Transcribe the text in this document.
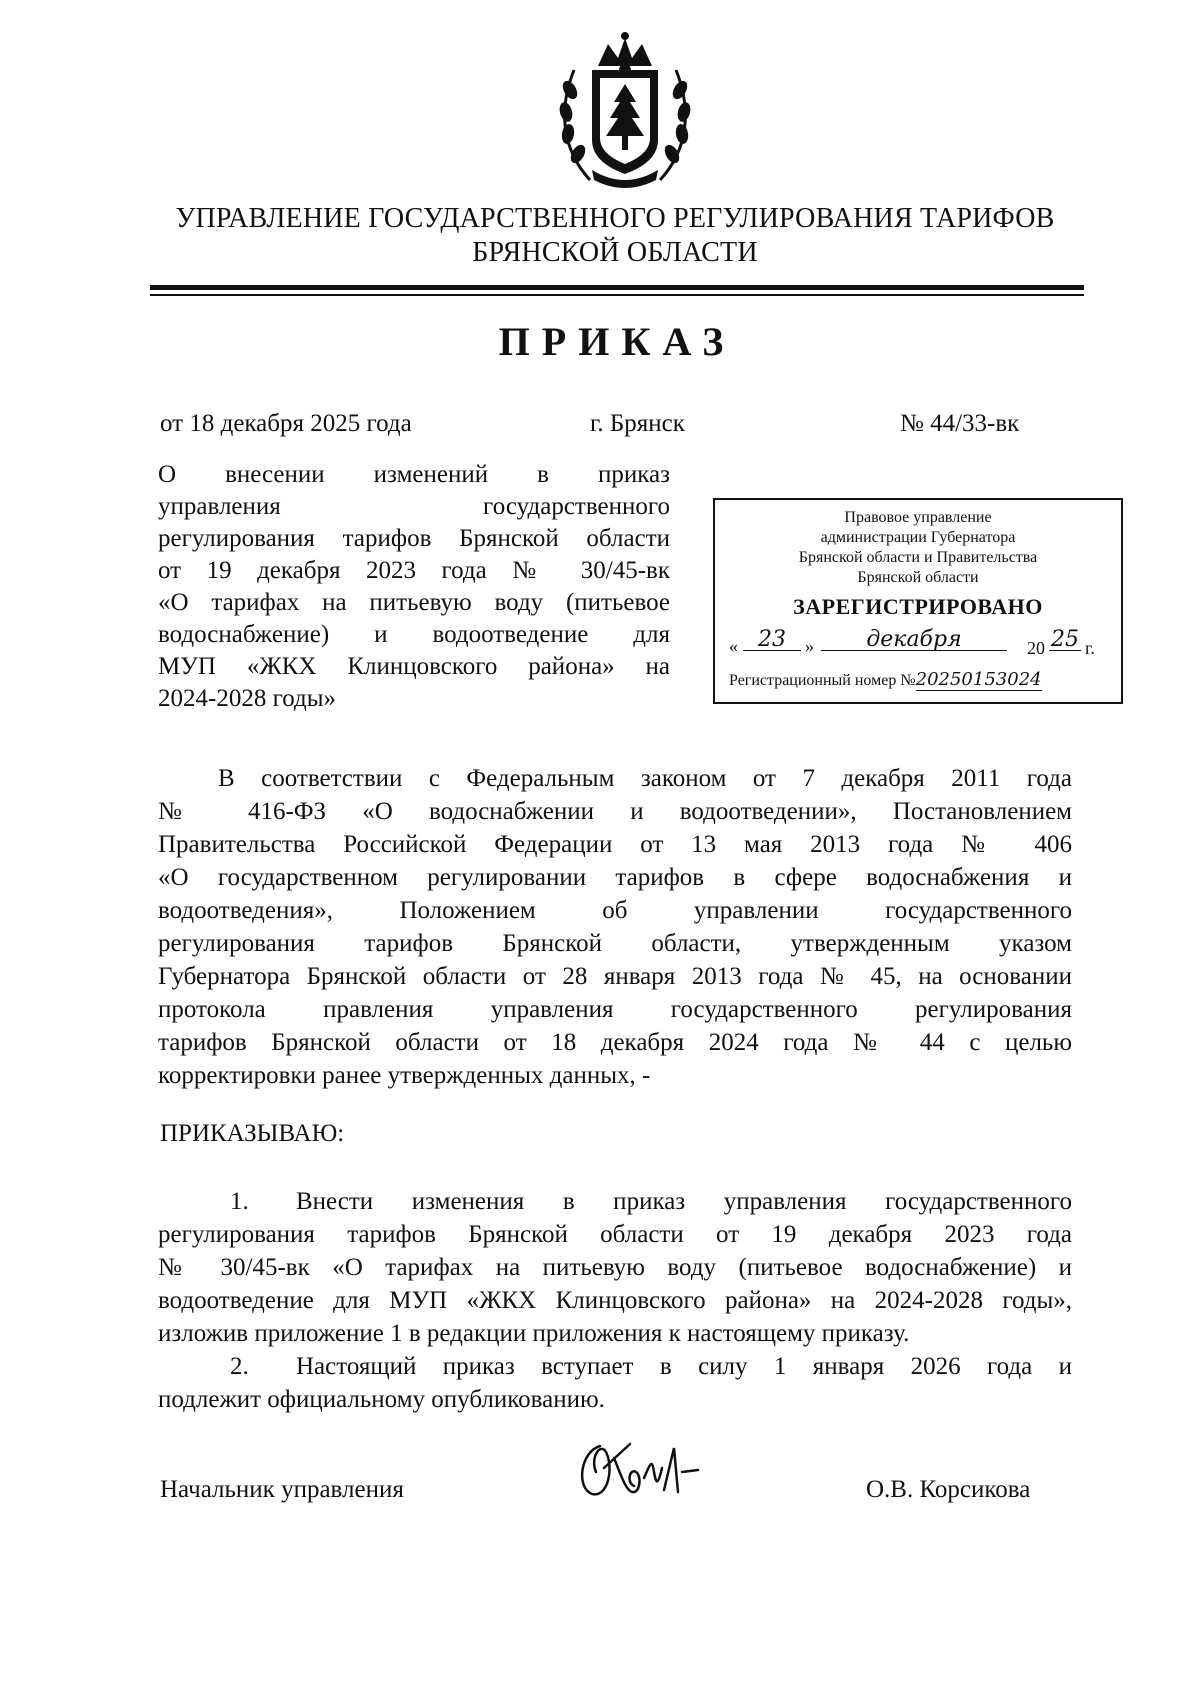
УПРАВЛЕНИЕ ГОСУДАРСТВЕННОГО РЕГУЛИРОВАНИЯ ТАРИФОВ
БРЯНСКОЙ ОБЛАСТИ
ПРИКАЗ
от 18 декабря 2025 года	г. Брянск	№ 44/33-вк
О внесении изменений в приказ
управления государственного
регулирования тарифов Брянской области
от 19 декабря 2023 года № 30/45-вк
«О тарифах на питьевую воду (питьевое
водоснабжение) и водоотведение для
МУП «ЖКХ Клинцовского района» на
2024-2028 годы»
Правовое управление
администрации Губернатора
Брянской области и Правительства
Брянской области
ЗАРЕГИСТРИРОВАНО
« 23	»	декабря	20 25 г.
Регистрационный номер №20250153024
В соответствии с Федеральным законом от 7 декабря 2011 года
№ 416-ФЗ «О водоснабжении и водоотведении», Постановлением
Правительства Российской Федерации от 13 мая 2013 года № 406
«О государственном регулировании тарифов в сфере водоснабжения и
водоотведения», Положением об управлении государственного
регулирования тарифов Брянской области, утвержденным указом
Губернатора Брянской области от 28 января 2013 года № 45, на основании
протокола правления управления государственного регулирования
тарифов Брянской области от 18 декабря 2024 года № 44 с целью
корректировки ранее утвержденных данных, -
ПРИКАЗЫВАЮ:
1.	Внести изменения в приказ управления государственного
регулирования тарифов Брянской области от 19 декабря 2023 года
№ 30/45-вк «О тарифах на питьевую воду (питьевое водоснабжение) и
водоотведение для МУП «ЖКХ Клинцовского района» на 2024-2028 годы»,
изложив приложение 1 в редакции приложения к настоящему приказу.
2.	Настоящий приказ вступает в силу 1 января 2026 года и
подлежит официальному опубликованию.
Начальник управления	О.В. Корсикова
